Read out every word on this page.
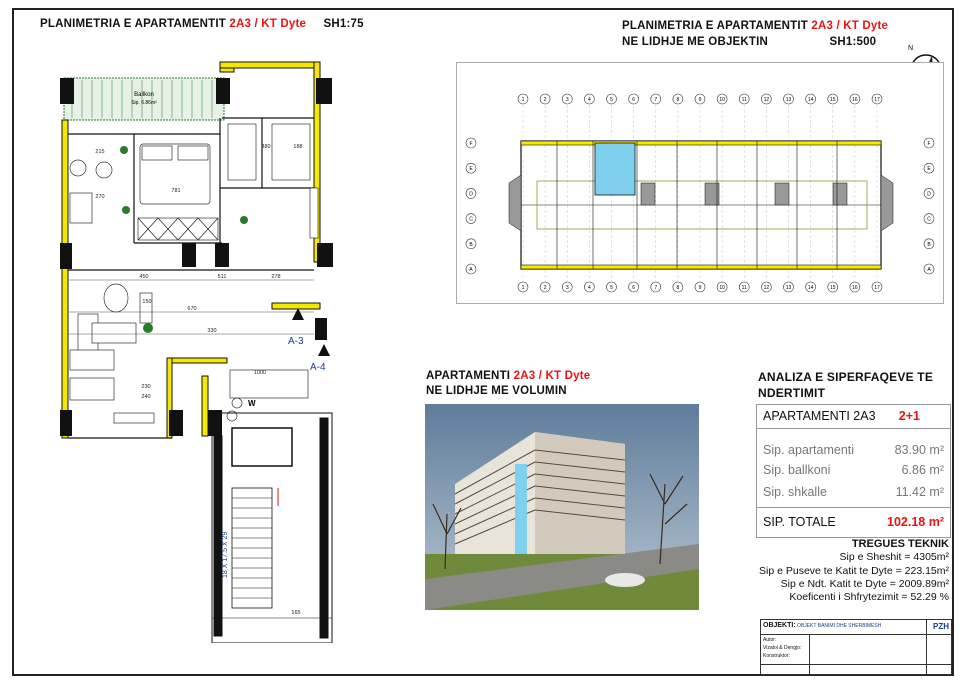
PLANIMETRIA E APARTAMENTIT 2A3 / KT Dyte SH1:75	PLANIMETRIA E APARTAMENTIT 2A3 / KT Dyte
NE LIDHJE ME OBJEKTIN	SH1:500
APARTAMENTI 2A3 / KT Dyte
NE LIDHJE ME VOLUMIN
ANALIZA E SIPERFAQEVE TE
NDERTIMIT
N
Ballkon
Sip. 6.86m²
450	511	278
670
330
188
781
150
380
215
270
1000
240
230
165
A-3
A-4
W
18 X 17.5 X 29
1
1
2
2
3
3
4
4
5
5
6
6
7
7
8
8
9
9
10
10
11
11
12
12
13
13
14
14
15
15
16
16
17
17
F	F
E	E
D	D
C	C
B	B
A	A
APARTAMENTI 2A3 2+1
Sip. apartamenti	83.90 m²
Sip. ballkoni	6.86 m²
Sip. shkalle	11.42 m²
SIP. TOTALE	102.18 m²
TREGUES TEKNIK
Sip e Sheshit = 4305m²
Sip e Puseve te Katit te Dyte = 223.15m²
Sip e Ndt. Katit te Dyte = 2009.89m²
Koeficenti i Shfrytezimit = 52.29 %
OBJEKTI: OBJEKT BANIMI DHE SHERBIMESH	PZH
Autor:
Vizatoi & Dengjo:
Konstruktor:
